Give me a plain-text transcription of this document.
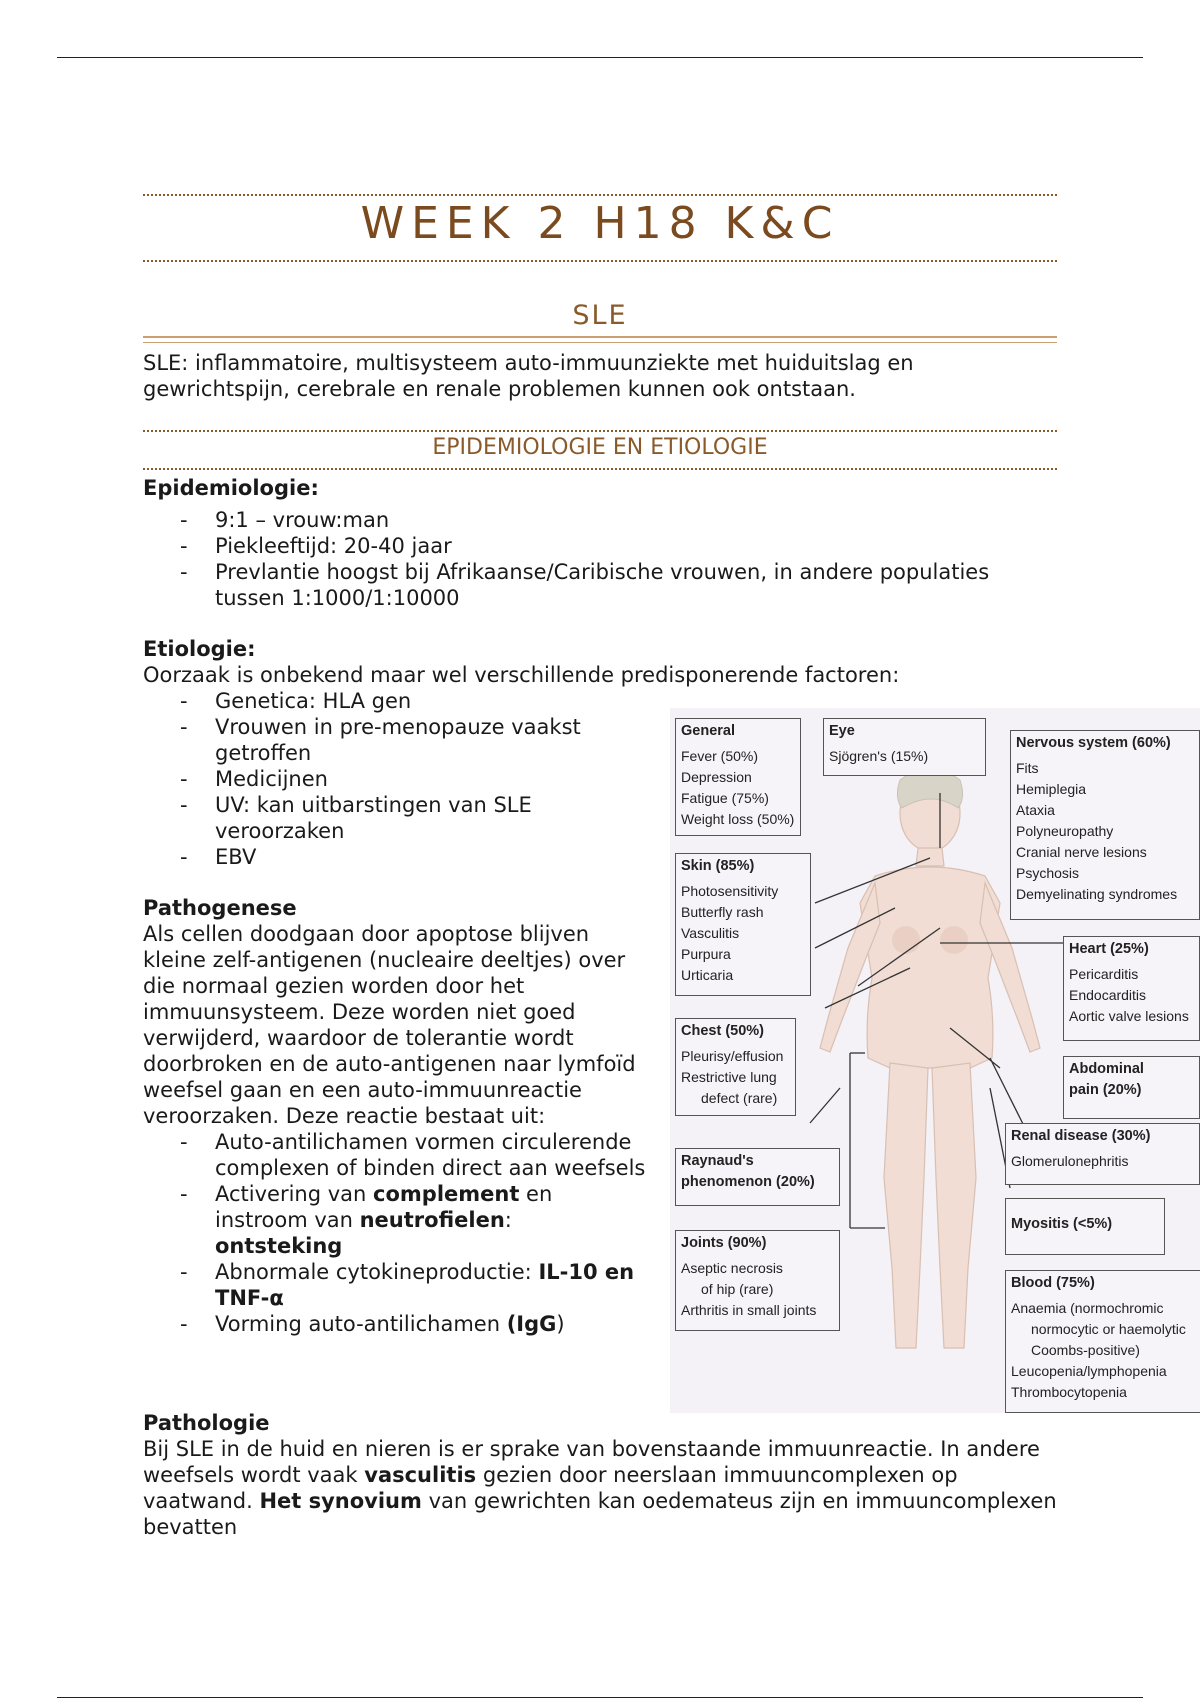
WEEK 2 H18 K&C
SLE

SLE: inflammatoire, multisysteem auto-immuunziekte met huiduitslag en gewrichtspijn, cerebrale en renale problemen kunnen ook ontstaan.

EPIDEMIOLOGIE EN ETIOLOGIE

Epidemiologie:

- 9:1 – vrouw:man
- Piekleeftijd: 20-40 jaar
- Prevlantie hoogst bij Afrikaanse/Caribische vrouwen, in andere populaties tussen 1:1000/1:10000

Etiologie:

Oorzaak is onbekend maar wel verschillende predisponerende factoren:

- Genetica: HLA gen
- Vrouwen in pre-menopauze vaakst getroffen
- Medicijnen
- UV: kan uitbarstingen van SLE veroorzaken
- EBV

Pathogenese

Als cellen doodgaan door apoptose blijven kleine zelf-antigenen (nucleaire deeltjes) over die normaal gezien worden door het immuunsysteem. Deze worden niet goed verwijderd, waardoor de tolerantie wordt doorbroken en de auto-antigenen naar lymfoïd weefsel gaan en een auto-immuunreactie veroorzaken. Deze reactie bestaat uit:

- Auto-antilichamen vormen circulerende complexen of binden direct aan weefsels
- Activering van complement en instroom van neutrofielen: ontsteking
- Abnormale cytokineproductie: IL-10 en TNF-α
- Vorming auto-antilichamen (IgG)

Pathologie

Bij SLE in de huid en nieren is er sprake van bovenstaande immuunreactie. In andere weefsels wordt vaak vasculitis gezien door neerslaan immuuncomplexen op vaatwand. Het synovium van gewrichten kan oedemateus zijn en immuuncomplexen bevatten

General
Fever (50%)
Depression
Fatigue (75%)
Weight loss (50%)
Eye
Sjögren's (15%)
Nervous system (60%)
Fits
Hemiplegia
Ataxia
Polyneuropathy
Cranial nerve lesions
Psychosis
Demyelinating syndromes
Skin (85%)
Photosensitivity
Butterfly rash
Vasculitis
Purpura
Urticaria
Heart (25%)
Pericarditis
Endocarditis
Aortic valve lesions
Chest (50%)
Pleurisy/effusion
Restrictive lung
defect (rare)
Abdominal
pain (20%)
Renal disease (30%)
Glomerulonephritis
Raynaud's
phenomenon (20%)
Myositis (<5%)
Joints (90%)
Aseptic necrosis
of hip (rare)
Arthritis in small joints
Blood (75%)
Anaemia (normochromic
normocytic or haemolytic
Coombs-positive)
Leucopenia/lymphopenia
Thrombocytopenia
